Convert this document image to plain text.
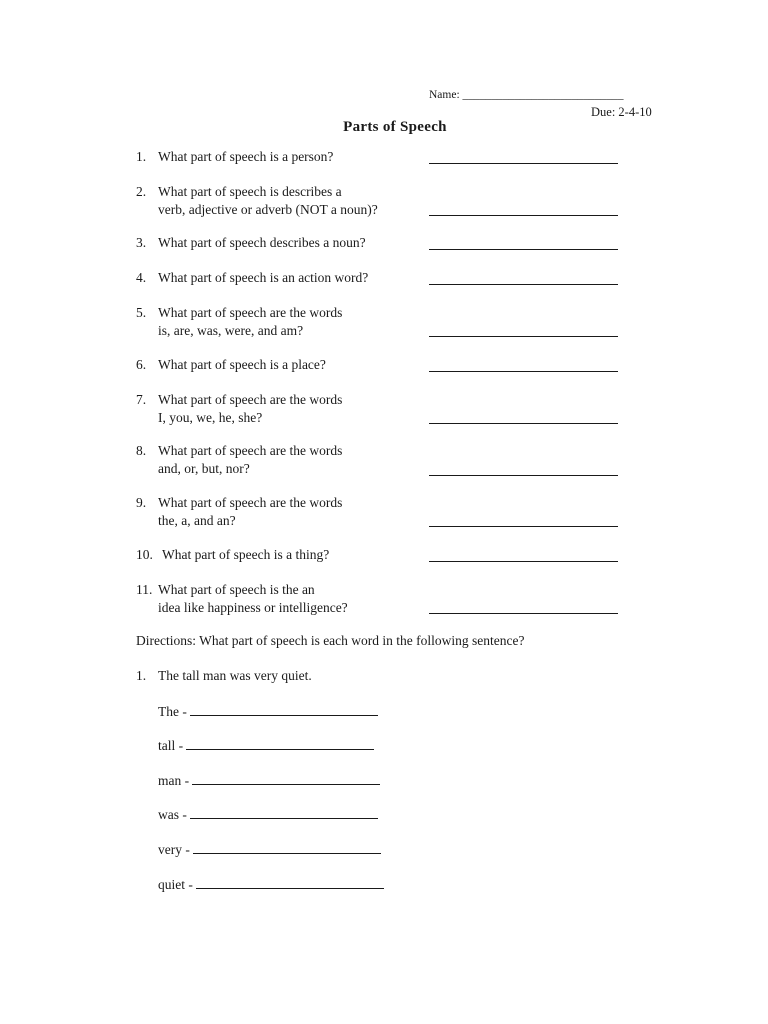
Name: ____________________________
Due: 2-4-10
Parts of Speech
1. What part of speech is a person?
2. What part of speech is describes a
verb, adjective or adverb (NOT a noun)?
3. What part of speech describes a noun?
4. What part of speech is an action word?
5. What part of speech are the words
is, are, was, were, and am?
6. What part of speech is a place?
7. What part of speech are the words
I, you, we, he, she?
8. What part of speech are the words
and, or, but, nor?
9. What part of speech are the words
the, a, and an?
10. What part of speech is a thing?
11. What part of speech is the an
idea like happiness or intelligence?
Directions: What part of speech is each word in the following sentence?
1. The tall man was very quiet.
The -
tall -
man -
was -
very -
quiet -
